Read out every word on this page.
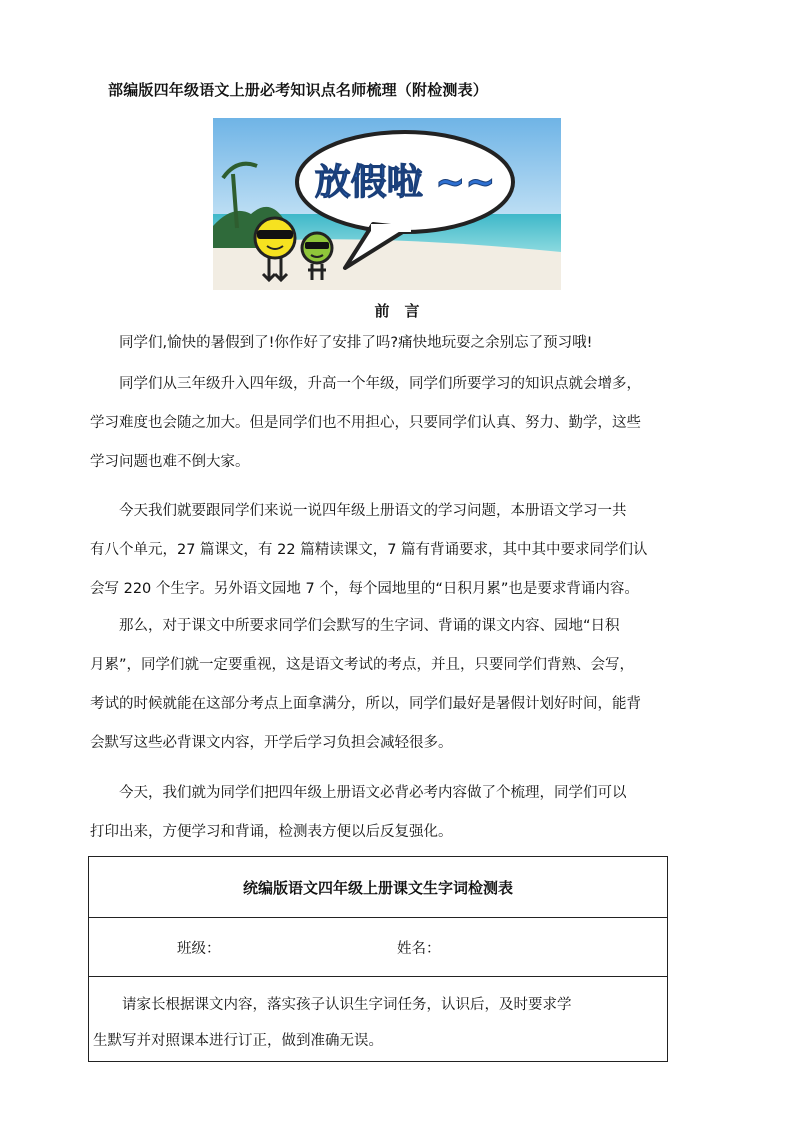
部编版四年级语文上册必考知识点名师梳理（附检测表）
放假啦 ~~
前　言
　　同学们,愉快的暑假到了!你作好了安排了吗?痛快地玩耍之余别忘了预习哦!
　　同学们从三年级升入四年级，升高一个年级，同学们所要学习的知识点就会增多，
学习难度也会随之加大。但是同学们也不用担心，只要同学们认真、努力、勤学，这些
学习问题也难不倒大家。
　　今天我们就要跟同学们来说一说四年级上册语文的学习问题，本册语文学习一共
有八个单元，27 篇课文，有 22 篇精读课文，7 篇有背诵要求，其中其中要求同学们认
会写 220 个生字。另外语文园地 7 个，每个园地里的“日积月累”也是要求背诵内容。
　　那么，对于课文中所要求同学们会默写的生字词、背诵的课文内容、园地“日积
月累”，同学们就一定要重视，这是语文考试的考点，并且，只要同学们背熟、会写，
考试的时候就能在这部分考点上面拿满分，所以，同学们最好是暑假计划好时间，能背
会默写这些必背课文内容，开学后学习负担会减轻很多。
　　今天，我们就为同学们把四年级上册语文必背必考内容做了个梳理，同学们可以
打印出来，方便学习和背诵，检测表方便以后反复强化。
统编版语文四年级上册课文生字词检测表
班级：	姓名：
　　请家长根据课文内容，落实孩子认识生字词任务，认识后，及时要求学
生默写并对照课本进行订正，做到准确无误。
